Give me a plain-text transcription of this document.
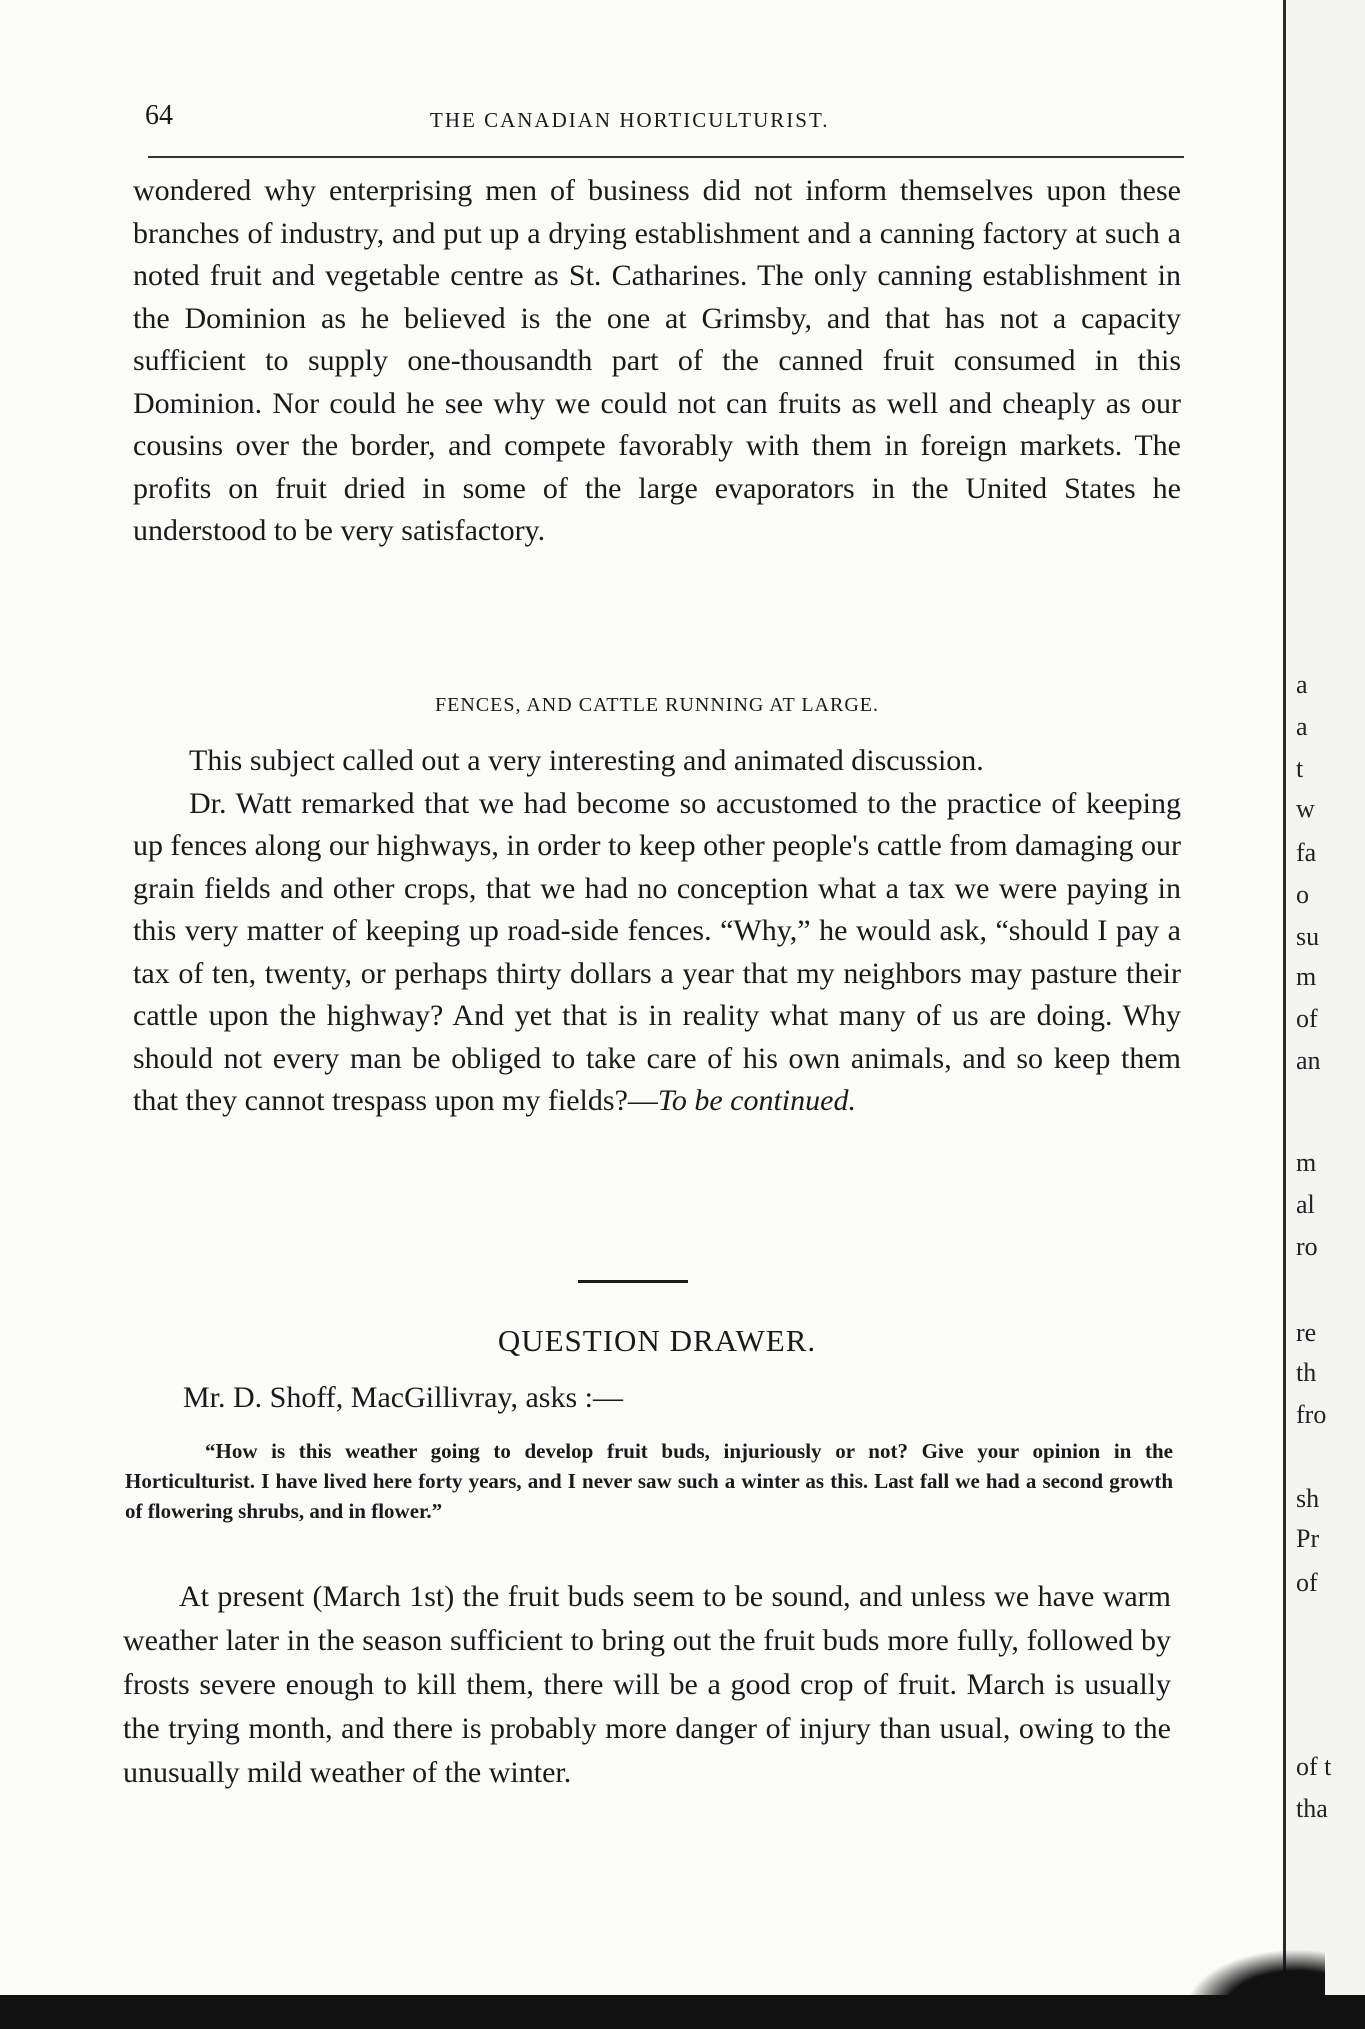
64	THE CANADIAN HORTICULTURIST.

wondered why enterprising men of business did not inform themselves upon these branches of industry, and put up a drying establishment and a canning factory at such a noted fruit and vegetable centre as St. Catharines. The only canning establishment in the Dominion as he believed is the one at Grimsby, and that has not a capacity sufficient to supply one-thousandth part of the canned fruit consumed in this Dominion. Nor could he see why we could not can fruits as well and cheaply as our cousins over the border, and compete favorably with them in foreign markets. The profits on fruit dried in some of the large evaporators in the United States he understood to be very satisfactory.

FENCES, AND CATTLE RUNNING AT LARGE.

This subject called out a very interesting and animated discussion.

Dr. Watt remarked that we had become so accustomed to the practice of keeping up fences along our highways, in order to keep other people's cattle from damaging our grain fields and other crops, that we had no conception what a tax we were paying in this very matter of keeping up road-side fences. “Why,” he would ask, “should I pay a tax of ten, twenty, or perhaps thirty dollars a year that my neighbors may pasture their cattle upon the highway? And yet that is in reality what many of us are doing. Why should not every man be obliged to take care of his own animals, and so keep them that they cannot trespass upon my fields?—To be continued.

QUESTION DRAWER.
Mr. D. Shoff, MacGillivray, asks :—

“How is this weather going to develop fruit buds, injuriously or not? Give your opinion in the Horticulturist. I have lived here forty years, and I never saw such a winter as this. Last fall we had a second growth of flowering shrubs, and in flower.”

At present (March 1st) the fruit buds seem to be sound, and unless we have warm weather later in the season sufficient to bring out the fruit buds more fully, followed by frosts severe enough to kill them, there will be a good crop of fruit. March is usually the trying month, and there is probably more danger of injury than usual, owing to the unusually mild weather of the winter.

a
a
t
w
fa
o
su
m
of
an
m
al
ro
re
th
fro
sh
Pr
of
of t
tha
